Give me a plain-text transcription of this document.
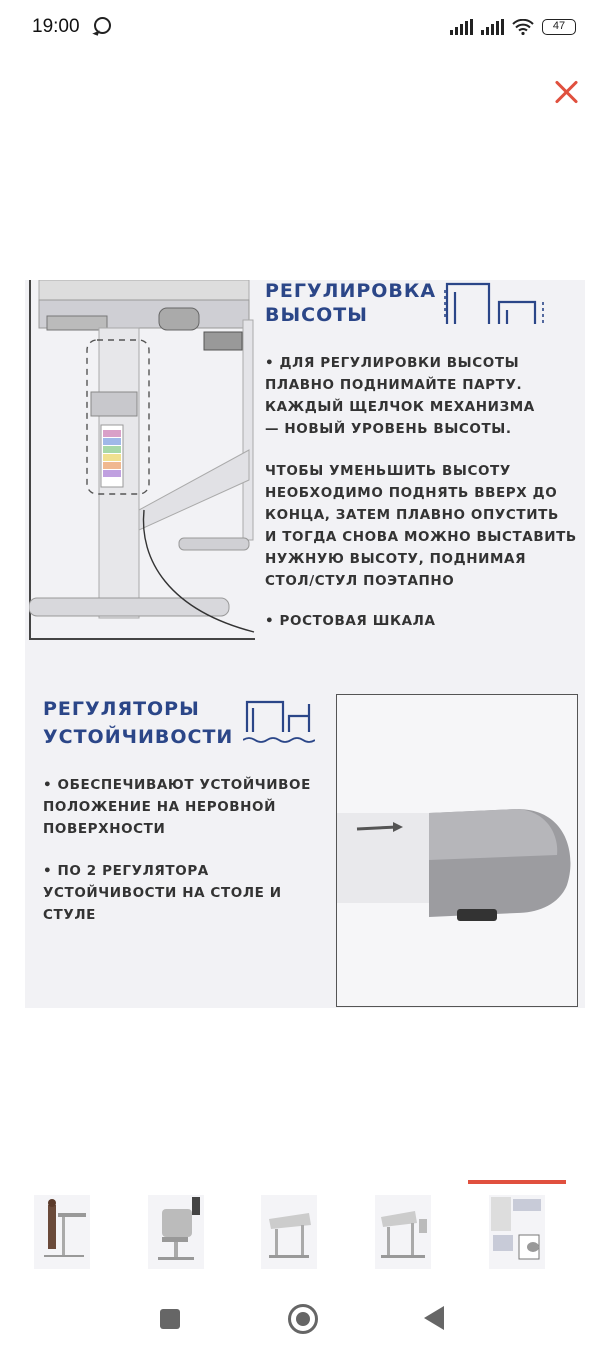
19:00	47
РЕГУЛИРОВКА
ВЫСОТЫ
• ДЛЯ РЕГУЛИРОВКИ ВЫСОТЫ
ПЛАВНО ПОДНИМАЙТЕ ПАРТУ.
КАЖДЫЙ ЩЕЛЧОК МЕХАНИЗМА
— НОВЫЙ УРОВЕНЬ ВЫСОТЫ.
ЧТОБЫ УМЕНЬШИТЬ ВЫСОТУ
НЕОБХОДИМО ПОДНЯТЬ ВВЕРХ ДО
КОНЦА, ЗАТЕМ ПЛАВНО ОПУСТИТЬ
И ТОГДА СНОВА МОЖНО ВЫСТАВИТЬ
НУЖНУЮ ВЫСОТУ, ПОДНИМАЯ
СТОЛ/СТУЛ ПОЭТАПНО
• РОСТОВАЯ ШКАЛА
РЕГУЛЯТОРЫ
УСТОЙЧИВОСТИ
• ОБЕСПЕЧИВАЮТ УСТОЙЧИВОЕ
ПОЛОЖЕНИЕ НА НЕРОВНОЙ
ПОВЕРХНОСТИ
• ПО 2 РЕГУЛЯТОРА
УСТОЙЧИВОСТИ НА СТОЛЕ И
СТУЛЕ
